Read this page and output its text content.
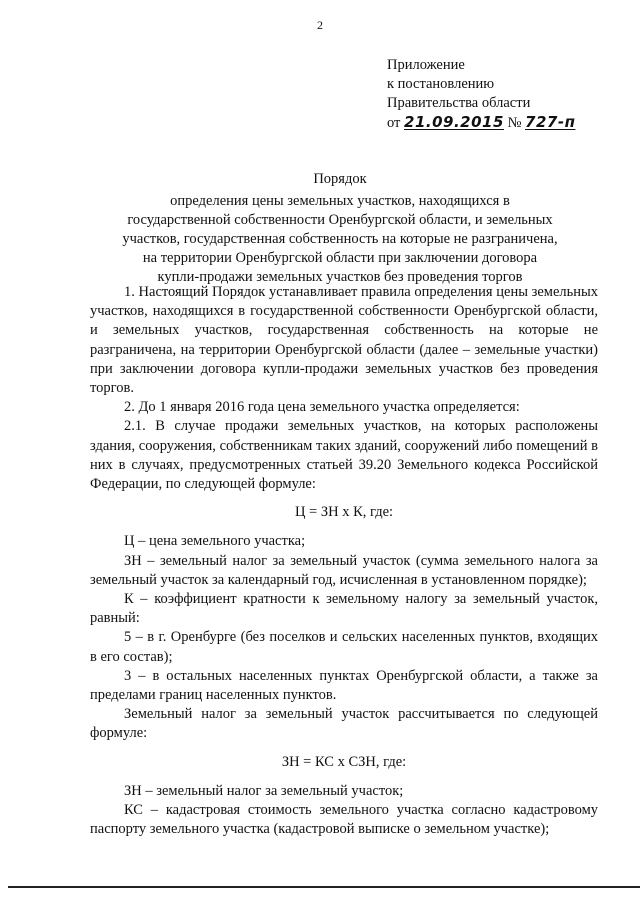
2
Приложение
к постановлению
Правительства области
от 21.09.2015 № 727-п
Порядок
определения цены земельных участков, находящихся в
государственной собственности Оренбургской области, и земельных
участков, государственная собственность на которые не разграничена,
на территории Оренбургской области при заключении договора
купли-продажи земельных участков без проведения торгов

1. Настоящий Порядок устанавливает правила определения цены земельных участков, находящихся в государственной собственности Оренбургской области, и земельных участков, государственная собственность на которые не разграничена, на территории Оренбургской области (далее – земельные участки) при заключении договора купли-продажи земельных участков без проведения торгов.

2. До 1 января 2016 года цена земельного участка определяется:

2.1. В случае продажи земельных участков, на которых расположены здания, сооружения, собственникам таких зданий, сооружений либо помещений в них в случаях, предусмотренных статьей 39.20 Земельного кодекса Российской Федерации, по следующей формуле:

Ц = ЗН х К, где:

Ц – цена земельного участка;

ЗН – земельный налог за земельный участок (сумма земельного налога за земельный участок за календарный год, исчисленная в установленном порядке);

К – коэффициент кратности к земельному налогу за земельный участок, равный:

5 – в г. Оренбурге (без поселков и сельских населенных пунктов, входящих в его состав);

3 – в остальных населенных пунктах Оренбургской области, а также за пределами границ населенных пунктов.

Земельный налог за земельный участок рассчитывается по следующей формуле:

ЗН = КС х СЗН, где:

ЗН – земельный налог за земельный участок;

КС – кадастровая стоимость земельного участка согласно кадастровому паспорту земельного участка (кадастровой выписке о земельном участке);
